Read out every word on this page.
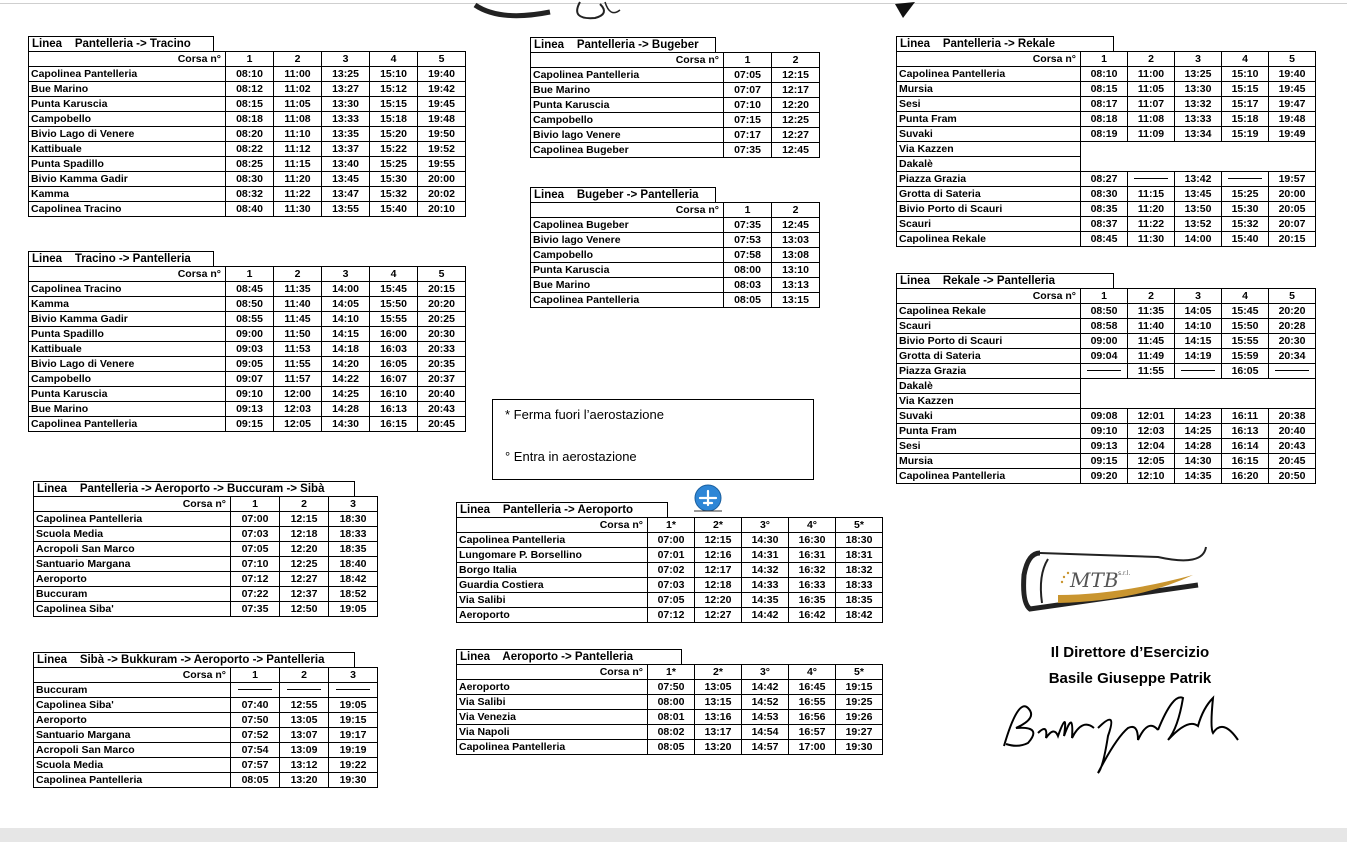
Linea    Pantelleria -> Tracino
Corsa n°	1	2	3	4	5
Capolinea Pantelleria	08:10	11:00	13:25	15:10	19:40
Bue Marino	08:12	11:02	13:27	15:12	19:42
Punta Karuscia	08:15	11:05	13:30	15:15	19:45
Campobello	08:18	11:08	13:33	15:18	19:48
Bivio Lago di Venere	08:20	11:10	13:35	15:20	19:50
Kattibuale	08:22	11:12	13:37	15:22	19:52
Punta Spadillo	08:25	11:15	13:40	15:25	19:55
Bivio Kamma Gadir	08:30	11:20	13:45	15:30	20:00
Kamma	08:32	11:22	13:47	15:32	20:02
Capolinea Tracino	08:40	11:30	13:55	15:40	20:10
Linea    Tracino -> Pantelleria
Corsa n°	1	2	3	4	5
Capolinea Tracino	08:45	11:35	14:00	15:45	20:15
Kamma	08:50	11:40	14:05	15:50	20:20
Bivio Kamma Gadir	08:55	11:45	14:10	15:55	20:25
Punta Spadillo	09:00	11:50	14:15	16:00	20:30
Kattibuale	09:03	11:53	14:18	16:03	20:33
Bivio Lago di Venere	09:05	11:55	14:20	16:05	20:35
Campobello	09:07	11:57	14:22	16:07	20:37
Punta Karuscia	09:10	12:00	14:25	16:10	20:40
Bue Marino	09:13	12:03	14:28	16:13	20:43
Capolinea Pantelleria	09:15	12:05	14:30	16:15	20:45
Linea    Pantelleria -> Aeroporto -> Buccuram -> Sibà
Corsa n°	1	2	3
Capolinea Pantelleria	07:00	12:15	18:30
Scuola Media	07:03	12:18	18:33
Acropoli San Marco	07:05	12:20	18:35
Santuario Margana	07:10	12:25	18:40
Aeroporto	07:12	12:27	18:42
Buccuram	07:22	12:37	18:52
Capolinea Siba'	07:35	12:50	19:05
Linea    Sibà -> Bukkuram -> Aeroporto -> Pantelleria
Corsa n°	1	2	3
Buccuram			
Capolinea Siba'	07:40	12:55	19:05
Aeroporto	07:50	13:05	19:15
Santuario Margana	07:52	13:07	19:17
Acropoli San Marco	07:54	13:09	19:19
Scuola Media	07:57	13:12	19:22
Capolinea Pantelleria	08:05	13:20	19:30
Linea    Pantelleria -> Bugeber
Corsa n°	1	2
Capolinea Pantelleria	07:05	12:15
Bue Marino	07:07	12:17
Punta Karuscia	07:10	12:20
Campobello	07:15	12:25
Bivio lago Venere	07:17	12:27
Capolinea Bugeber	07:35	12:45
Linea    Bugeber -> Pantelleria
Corsa n°	1	2
Capolinea Bugeber	07:35	12:45
Bivio lago Venere	07:53	13:03
Campobello	07:58	13:08
Punta Karuscia	08:00	13:10
Bue Marino	08:03	13:13
Capolinea Pantelleria	08:05	13:15
Linea    Pantelleria -> Aeroporto
Corsa n°	1*	2*	3°	4°	5*
Capolinea Pantelleria	07:00	12:15	14:30	16:30	18:30
Lungomare P. Borsellino	07:01	12:16	14:31	16:31	18:31
Borgo Italia	07:02	12:17	14:32	16:32	18:32
Guardia Costiera	07:03	12:18	14:33	16:33	18:33
Via Salibi	07:05	12:20	14:35	16:35	18:35
Aeroporto	07:12	12:27	14:42	16:42	18:42
Linea    Aeroporto -> Pantelleria
Corsa n°	1*	2*	3°	4°	5*
Aeroporto	07:50	13:05	14:42	16:45	19:15
Via Salibi	08:00	13:15	14:52	16:55	19:25
Via Venezia	08:01	13:16	14:53	16:56	19:26
Via Napoli	08:02	13:17	14:54	16:57	19:27
Capolinea Pantelleria	08:05	13:20	14:57	17:00	19:30
Linea    Pantelleria -> Rekale
Corsa n°	1	2	3	4	5
Capolinea Pantelleria	08:10	11:00	13:25	15:10	19:40
Mursia	08:15	11:05	13:30	15:15	19:45
Sesi	08:17	11:07	13:32	15:17	19:47
Punta Fram	08:18	11:08	13:33	15:18	19:48
Suvaki	08:19	11:09	13:34	15:19	19:49
Via Kazzen					
Dakalè					
Piazza Grazia	08:27		13:42		19:57
Grotta di Sateria	08:30	11:15	13:45	15:25	20:00
Bivio Porto di Scauri	08:35	11:20	13:50	15:30	20:05
Scauri	08:37	11:22	13:52	15:32	20:07
Capolinea Rekale	08:45	11:30	14:00	15:40	20:15
Linea    Rekale -> Pantelleria
Corsa n°	1	2	3	4	5
Capolinea Rekale	08:50	11:35	14:05	15:45	20:20
Scauri	08:58	11:40	14:10	15:50	20:28
Bivio Porto di Scauri	09:00	11:45	14:15	15:55	20:30
Grotta di Sateria	09:04	11:49	14:19	15:59	20:34
Piazza Grazia		11:55		16:05	
Dakalè					
Via Kazzen					
Suvaki	09:08	12:01	14:23	16:11	20:38
Punta Fram	09:10	12:03	14:25	16:13	20:40
Sesi	09:13	12:04	14:28	16:14	20:43
Mursia	09:15	12:05	14:30	16:15	20:45
Capolinea Pantelleria	09:20	12:10	14:35	16:20	20:50
* Ferma fuori l’aerostazione
° Entra in aerostazione
MTB s.r.l.
Il Direttore d’Esercizio
Basile Giuseppe Patrik
